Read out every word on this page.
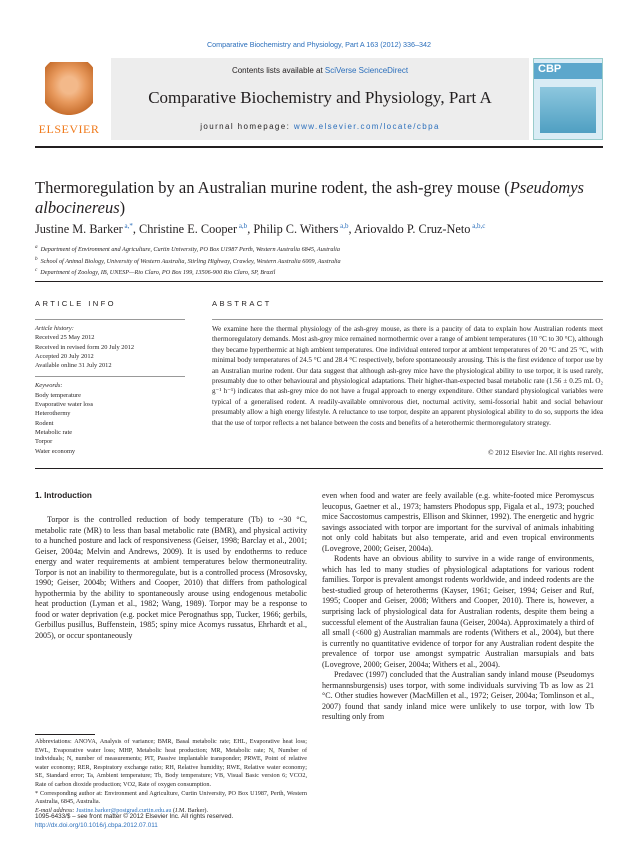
Comparative Biochemistry and Physiology, Part A 163 (2012) 336–342
ELSEVIER
Contents lists available at SciVerse ScienceDirect
Comparative Biochemistry and Physiology, Part A
journal homepage: www.elsevier.com/locate/cbpa
CBP
Thermoregulation by an Australian murine rodent, the ash-grey mouse (Pseudomys albocinereus)
Justine M. Barker $^{a,*}$, Christine E. Cooper $^{a,b}$, Philip C. Withers $^{a,b}$, Ariovaldo P. Cruz-Neto $^{a,b,c}$
$^a$ Department of Environment and Agriculture, Curtin University, PO Box U1987 Perth, Western Australia 6845, Australia
$^b$ School of Animal Biology, University of Western Australia, Stirling Highway, Crawley, Western Australia 6009, Australia
$^c$ Department of Zoology, IB, UNESP—Rio Claro, PO Box 199, 13506-900 Rio Claro, SP, Brazil
ARTICLE INFO	ABSTRACT
Article history:
Received 25 May 2012
Received in revised form 20 July 2012
Accepted 20 July 2012
Available online 31 July 2012
Keywords:
Body temperature
Evaporative water loss
Heterothermy
Rodent
Metabolic rate
Torpor
Water economy
We examine here the thermal physiology of the ash-grey mouse, as there is a paucity of data to explain how Australian rodents meet thermoregulatory demands. Most ash-grey mice remained normothermic over a range of ambient temperatures (10 °C to 30 °C), although they became hyperthermic at high ambient temperatures. One individual entered torpor at ambient temperatures of 20 °C and 25 °C, with minimal body temperatures of 24.5 °C and 28.4 °C respectively, before spontaneously arousing. This is the first evidence of torpor use by an Australian murine rodent. Our data suggest that although ash-grey mice have the physiological ability to use torpor, it is used rarely, presumably due to other behavioural and physiological adaptations. Their higher-than-expected basal metabolic rate (1.56 ± 0.25 mL O₂ g⁻¹ h⁻¹) indicates that ash-grey mice do not have a frugal approach to energy expenditure. Other standard physiological variables were typical of a generalised rodent. A readily-available omnivorous diet, nocturnal activity, semi-fossorial habit and social behaviour presumably allow a high energy lifestyle. A reluctance to use torpor, despite an apparent physiological ability to do so, supports the idea that the use of torpor reflects a net balance between the costs and benefits of a heterothermic thermoregulatory strategy.
© 2012 Elsevier Inc. All rights reserved.
1. Introduction

Torpor is the controlled reduction of body temperature (Tb) to ~30 °C, metabolic rate (MR) to less than basal metabolic rate (BMR), and physical activity to a hunched posture and lack of responsiveness (Geiser, 1998; Barclay et al., 2001; Geiser, 2004a; Melvin and Andrews, 2009). It is used by endotherms to reduce energy and water requirements at ambient temperatures below thermoneutrality. Torpor is not an inability to thermoregulate, but is a controlled process (Mrosovsky, 1990; Geiser, 2004b; Withers and Cooper, 2010) that differs from pathological hypothermia by the ability to spontaneously arouse using endogenous metabolic heat production (Lyman et al., 1982; Wang, 1989). Torpor may be a response to food or water deprivation (e.g. pocket mice Perognathus spp, Tucker, 1966; gerbils, Gerbillus pusillus, Buffenstein, 1985; spiny mice Acomys russatus, Ehrhardt et al., 2005), or occur spontaneously

even when food and water are feely available (e.g. white-footed mice Peromyscus leucopus, Gaetner et al., 1973; hamsters Phodopus spp, Figala et al., 1973; pouched mice Saccostomus campestris, Ellison and Skinner, 1992). The energetic and hygric savings associated with torpor are important for the survival of animals inhabiting not only cold habitats but also temperate, arid and even tropical environments (Lovegrove, 2000; Geiser, 2004a).

Rodents have an obvious ability to survive in a wide range of environments, which has led to many studies of physiological adaptations for various rodent families. Torpor is prevalent amongst rodents worldwide, and indeed rodents are the best-studied group of heterotherms (Kayser, 1961; Geiser, 1994; Geiser and Ruf, 1995; Cooper and Geiser, 2008; Withers and Cooper, 2010). There is, however, a surprising lack of physiological data for Australian rodents, despite them being a successful element of the Australian fauna (Geiser, 2004a). Approximately a third of all small (<600 g) Australian mammals are rodents (Withers et al., 2004), but there is currently no quantitative evidence of torpor for any Australian rodent despite the prevalence of torpor use amongst sympatric Australian marsupials and bats (Lovegrove, 2000; Geiser, 2004a; Withers et al., 2004).

Predavec (1997) concluded that the Australian sandy inland mouse (Pseudomys hermannsburgensis) uses torpor, with some individuals surviving Tb as low as 21 °C. Other studies however (MacMillen et al., 1972; Geiser, 2004a; Tomlinson et al., 2007) found that sandy inland mice were unlikely to use torpor, with low Tb resulting only from

Abbreviations: ANOVA, Analysis of variance; BMR, Basal metabolic rate; EHL, Evaporative heat loss; EWL, Evaporative water loss; MHP, Metabolic heat production; MR, Metabolic rate; N, Number of individuals; N, number of measurements; PIT, Passive implantable transponder; PRWE, Point of relative water economy; RER, Respiratory exchange ratio; RH, Relative humidity; RWE, Relative water economy; SE, Standard error; Ta, Ambient temperature; Tb, Body temperature; VB, Visual Basic version 6; VCO2, Rate of carbon dioxide production; VO2, Rate of oxygen consumption.
* Corresponding author at: Environment and Agriculture, Curtin University, PO Box U1987, Perth, Western Australia, 6845, Australia.
E-mail address: Justine.barker@postgrad.curtin.edu.au (J.M. Barker).
1095-6433/$ – see front matter © 2012 Elsevier Inc. All rights reserved.
http://dx.doi.org/10.1016/j.cbpa.2012.07.011
